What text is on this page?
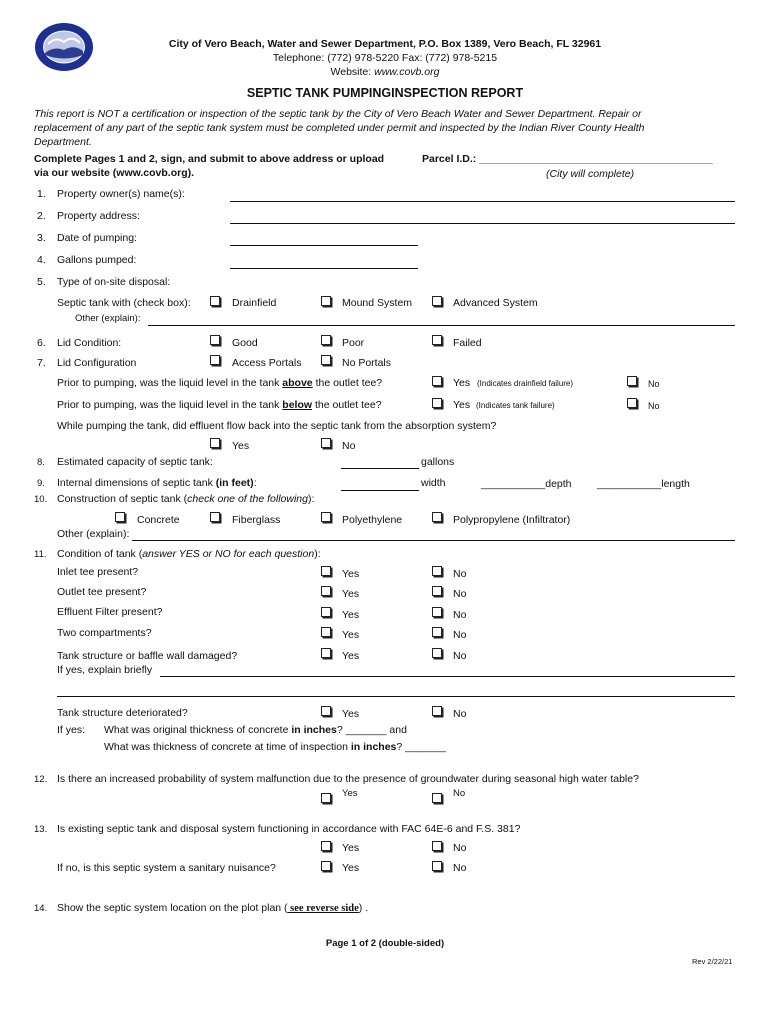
City of Vero Beach, Water and Sewer Department, P.O. Box 1389, Vero Beach, FL 32961
Telephone: (772) 978-5220 Fax: (772) 978-5215
Website: www.covb.org
SEPTIC TANK PUMPINGINSPECTION REPORT
This report is NOT a certification or inspection of the septic tank by the City of Vero Beach Water and Sewer Department. Repair or
replacement of any part of the septic tank system must be completed under permit and inspected by the Indian River County Health
Department.
Complete Pages 1 and 2, sign, and submit to above address or upload
via our website (www.covb.org).
Parcel I.D.: ________________________________________
(City will complete)
1. Property owner(s) name(s):
2. Property address:
3. Date of pumping:
4. Gallons pumped:
5. Type of on-site disposal:
Septic tank with (check box):	Drainfield	Mound System	Advanced System
Other (explain):
6. Lid Condition:	Good	Poor	Failed
7. Lid Configuration	Access Portals	No Portals
Prior to pumping, was the liquid level in the tank above the outlet tee?	Yes (Indicates drainfield failure)	No
Prior to pumping, was the liquid level in the tank below the outlet tee?	Yes (Indicates tank failure)	No
While pumping the tank, did effluent flow back into the septic tank from the absorption system?
Yes	No
8. Estimated capacity of septic tank:	gallons
9. Internal dimensions of septic tank (in feet):	width	___________depth ___________length
10. Construction of septic tank (check one of the following):
Concrete	Fiberglass	Polyethylene	Polypropylene (Infiltrator)
Other (explain):
11. Condition of tank (answer YES or NO for each question):
Inlet tee present?	Yes	No
Outlet tee present?	Yes	No
Effluent Filter present?	Yes	No
Two compartments?	Yes	No
Tank structure or baffle wall damaged?	Yes	No
If yes, explain briefly
Tank structure deteriorated?	Yes	No
If yes: What was original thickness of concrete in inches? _______ and
What was thickness of concrete at time of inspection in inches? _______
12. Is there an increased probability of system malfunction due to the presence of groundwater during seasonal high water table?
Yes	No
13. Is existing septic tank and disposal system functioning in accordance with FAC 64E-6 and F.S. 381?
Yes	No
If no, is this septic system a sanitary nuisance?	Yes	No
14. Show the septic system location on the plot plan ( see reverse side) .
Page 1 of 2 (double-sided)
Rev 2/22/21
